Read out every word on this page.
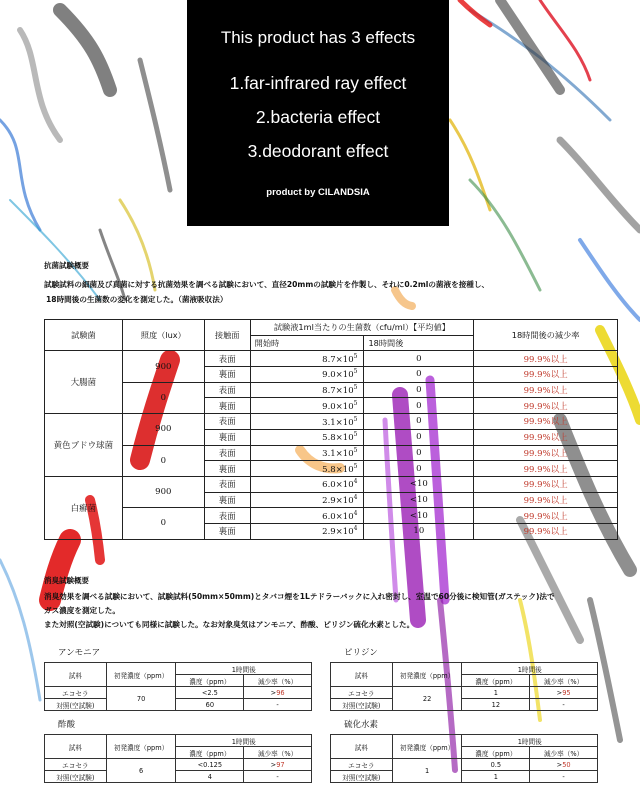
This product has 3 effects
1.far-infrared ray effect
2.bacteria effect
3.deodorant effect
product by CILANDSIA
抗菌試験概要
試験試料の細菌及び真菌に対する抗菌効果を調べる試験において、直径20mmの試験片を作製し、それに0.2mlの菌液を接種し、
18時間後の生菌数の変化を測定した。（菌液吸収法）
試験菌	照度（lux）	接触面	試験液1ml当たりの生菌数（cfu/ml）【平均値】		18時間後の減少率
			開始時	18時間後	
大腸菌	900	表面	$8.7\times 10^5$	0	99.9%以上
		裏面	$9.0\times 10^5$	0	99.9%以上
	0	表面	$8.7\times 10^5$	0	99.9%以上
		裏面	$9.0\times 10^5$	0	99.9%以上
黄色ブドウ球菌	900	表面	$3.1\times 10^5$	0	99.9%以上
		裏面	$5.8\times 10^5$	0	99.9%以上
	0	表面	$3.1\times 10^5$	0	99.9%以上
		裏面	$5.8\times 10^5$	0	99.9%以上
白癬菌	900	表面	$6.0\times 10^4$	<10	99.9%以上
		裏面	$2.9\times 10^4$	<10	99.9%以上
	0	表面	$6.0\times 10^4$	<10	99.9%以上
		裏面	$2.9\times 10^4$	10	99.9%以上
消臭試験概要
消臭効果を調べる試験において、試験試料(50mm×50mm)とタバコ煙を1Lテドラーバックに入れ密封し、室温で60分後に検知管(ガステック)法で
ガス濃度を測定した。
また対照(空試験)についても同様に試験した。なお対象臭気はアンモニア、酢酸、ピリジン硫化水素とした。
アンモニア
試料	初発濃度（ppm）	1時間後	
		濃度（ppm）	減少率（%）
エコセラ	70	<2.5	>96
対照(空試験)		60	-
ピリジン
試料	初発濃度（ppm）	1時間後	
		濃度（ppm）	減少率（%）
エコセラ	22	1	>95
対照(空試験)		12	-
酢酸
試料	初発濃度（ppm）	1時間後	
		濃度（ppm）	減少率（%）
エコセラ	6	<0.125	>97
対照(空試験)		4	-
硫化水素
試料	初発濃度（ppm）	1時間後	
		濃度（ppm）	減少率（%）
エコセラ	1	0.5	>50
対照(空試験)		1	-
